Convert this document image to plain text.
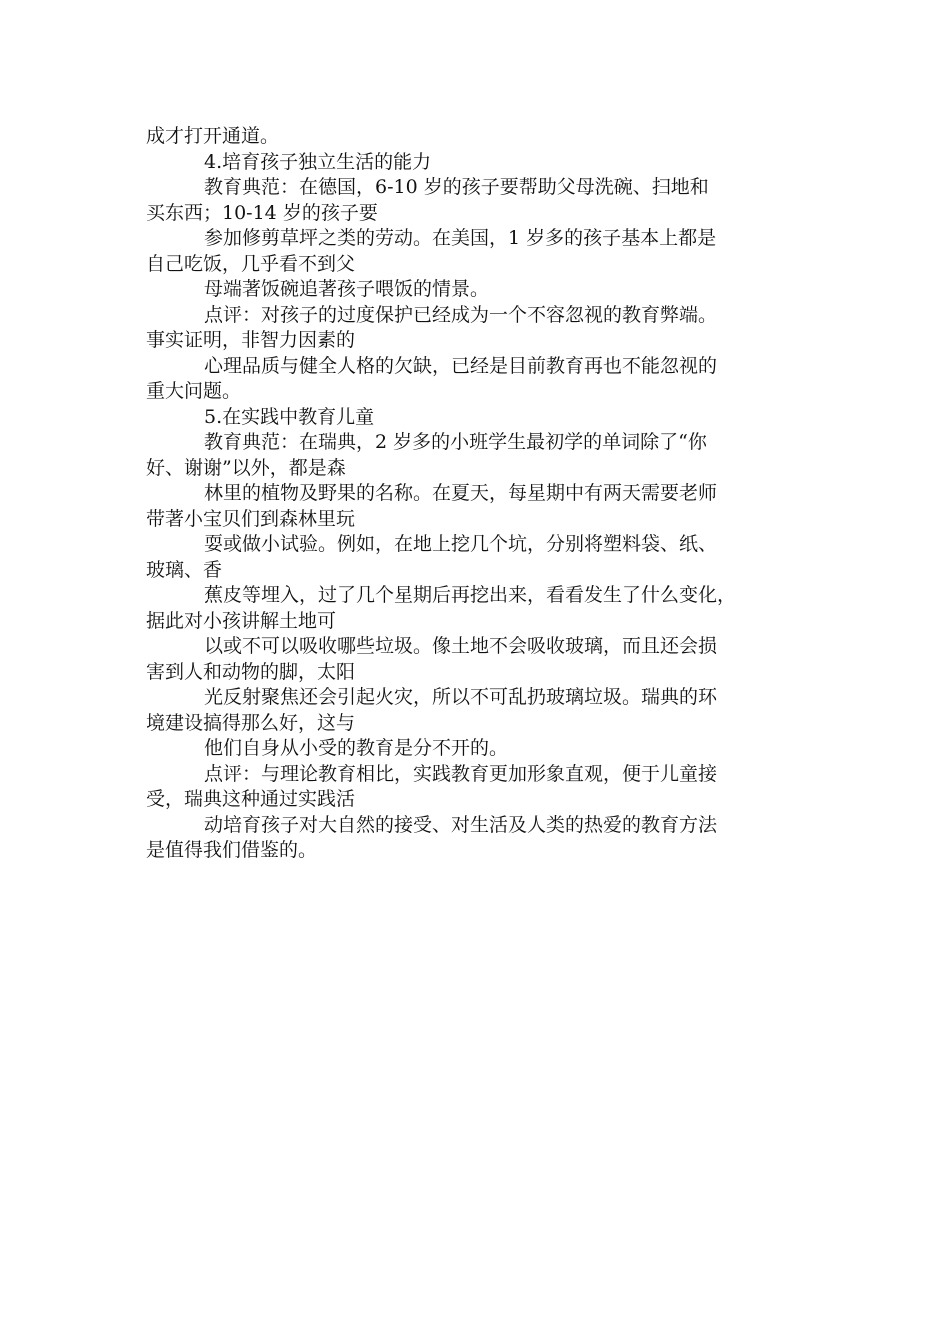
成才打开通道。
4.培育孩子独立生活的能力
教育典范：在德国，6-10 岁的孩子要帮助父母洗碗、扫地和
买东西；10-14 岁的孩子要
参加修剪草坪之类的劳动。在美国，1 岁多的孩子基本上都是
自己吃饭，几乎看不到父
母端著饭碗追著孩子喂饭的情景。
点评：对孩子的过度保护已经成为一个不容忽视的教育弊端。
事实证明，非智力因素的
心理品质与健全人格的欠缺，已经是目前教育再也不能忽视的
重大问题。
5.在实践中教育儿童
教育典范：在瑞典，2 岁多的小班学生最初学的单词除了“你
好、谢谢”以外，都是森
林里的植物及野果的名称。在夏天，每星期中有两天需要老师
带著小宝贝们到森林里玩
耍或做小试验。例如，在地上挖几个坑，分别将塑料袋、纸、
玻璃、香
蕉皮等埋入，过了几个星期后再挖出来，看看发生了什么变化，
据此对小孩讲解土地可
以或不可以吸收哪些垃圾。像土地不会吸收玻璃，而且还会损
害到人和动物的脚，太阳
光反射聚焦还会引起火灾，所以不可乱扔玻璃垃圾。瑞典的环
境建设搞得那么好，这与
他们自身从小受的教育是分不开的。
点评：与理论教育相比，实践教育更加形象直观，便于儿童接
受，瑞典这种通过实践活
动培育孩子对大自然的接受、对生活及人类的热爱的教育方法
是值得我们借鉴的。
